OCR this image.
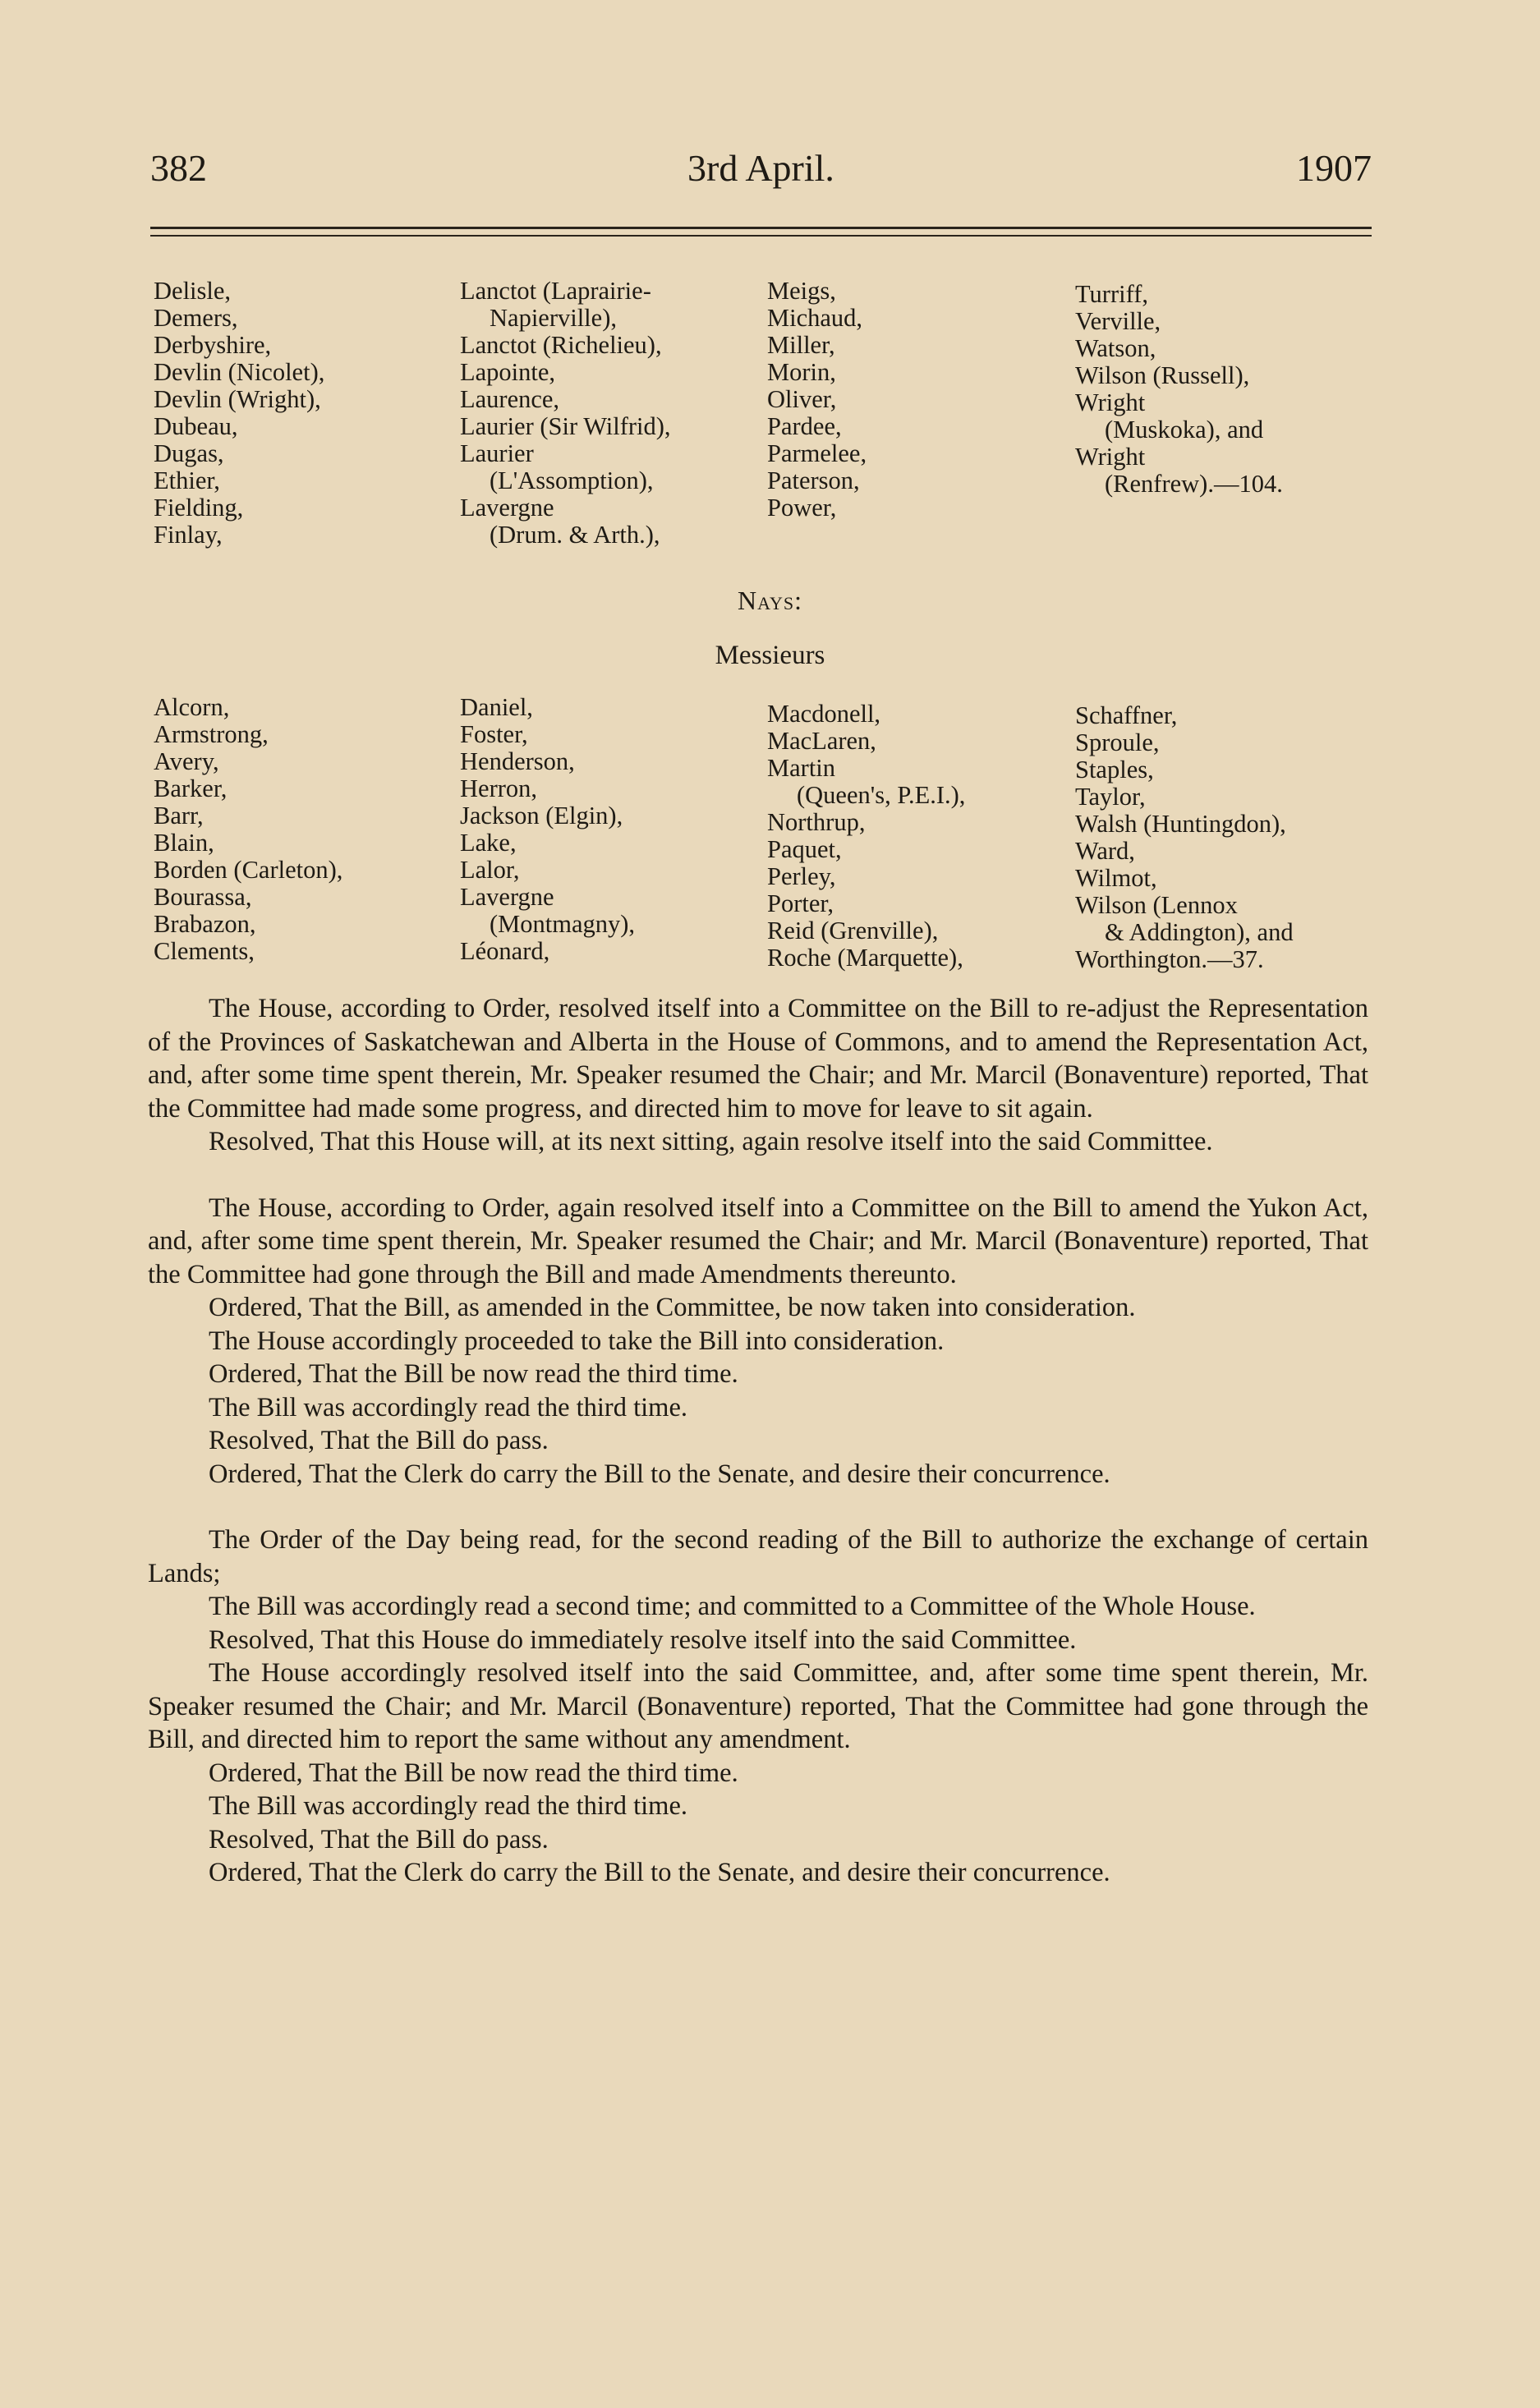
382	3rd April.	1907
Delisle,
Demers,
Derbyshire,
Devlin (Nicolet),
Devlin (Wright),
Dubeau,
Dugas,
Ethier,
Fielding,
Finlay,
Lanctot (Laprairie-
Napierville),
Lanctot (Richelieu),
Lapointe,
Laurence,
Laurier (Sir Wilfrid),
Laurier
(L'Assomption),
Lavergne
(Drum. & Arth.),
Meigs,
Michaud,
Miller,
Morin,
Oliver,
Pardee,
Parmelee,
Paterson,
Power,
Turriff,
Verville,
Watson,
Wilson (Russell),
Wright
(Muskoka), and
Wright
(Renfrew).—104.
Nays:
Messieurs
Alcorn,
Armstrong,
Avery,
Barker,
Barr,
Blain,
Borden (Carleton),
Bourassa,
Brabazon,
Clements,
Daniel,
Foster,
Henderson,
Herron,
Jackson (Elgin),
Lake,
Lalor,
Lavergne
(Montmagny),
Léonard,
Macdonell,
MacLaren,
Martin
(Queen's, P.E.I.),
Northrup,
Paquet,
Perley,
Porter,
Reid (Grenville),
Roche (Marquette),
Schaffner,
Sproule,
Staples,
Taylor,
Walsh (Huntingdon),
Ward,
Wilmot,
Wilson (Lennox
& Addington), and
Worthington.—37.

The House, according to Order, resolved itself into a Committee on the Bill to re-adjust the Representation of the Provinces of Saskatchewan and Alberta in the House of Commons, and to amend the Representation Act, and, after some time spent therein, Mr. Speaker resumed the Chair; and Mr. Marcil (Bonaventure) reported, That the Committee had made some progress, and directed him to move for leave to sit again.

Resolved, That this House will, at its next sitting, again resolve itself into the said Committee.

The House, according to Order, again resolved itself into a Committee on the Bill to amend the Yukon Act, and, after some time spent therein, Mr. Speaker resumed the Chair; and Mr. Marcil (Bonaventure) reported, That the Committee had gone through the Bill and made Amendments thereunto.

Ordered, That the Bill, as amended in the Committee, be now taken into consideration.

The House accordingly proceeded to take the Bill into consideration.

Ordered, That the Bill be now read the third time.

The Bill was accordingly read the third time.

Resolved, That the Bill do pass.

Ordered, That the Clerk do carry the Bill to the Senate, and desire their concurrence.

The Order of the Day being read, for the second reading of the Bill to authorize the exchange of certain Lands;

The Bill was accordingly read a second time; and committed to a Committee of the Whole House.

Resolved, That this House do immediately resolve itself into the said Committee.

The House accordingly resolved itself into the said Committee, and, after some time spent therein, Mr. Speaker resumed the Chair; and Mr. Marcil (Bonaventure) reported, That the Committee had gone through the Bill, and directed him to report the same without any amendment.

Ordered, That the Bill be now read the third time.

The Bill was accordingly read the third time.

Resolved, That the Bill do pass.

Ordered, That the Clerk do carry the Bill to the Senate, and desire their concurrence.
